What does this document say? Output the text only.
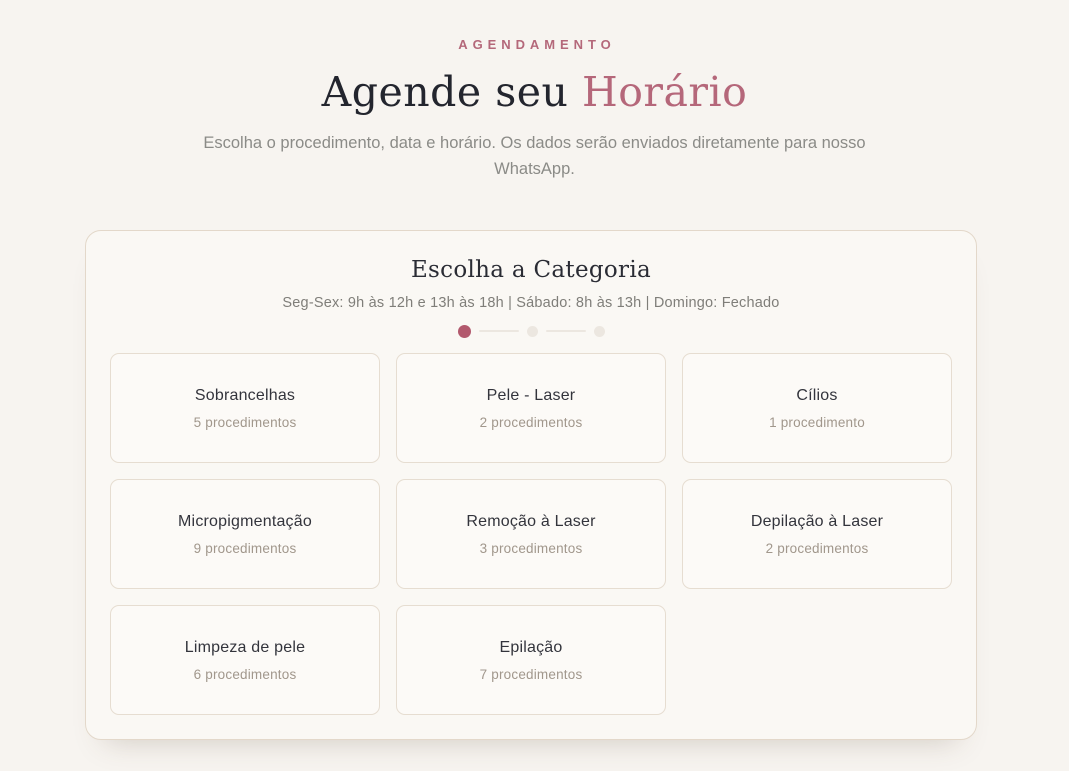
AGENDAMENTO
Agende seu Horário

Escolha o procedimento, data e horário. Os dados serão enviados diretamente para nosso WhatsApp.

Escolha a Categoria
Seg-Sex: 9h às 12h e 13h às 18h | Sábado: 8h às 13h | Domingo: Fechado
Sobrancelhas
5 procedimentos
Pele - Laser
2 procedimentos
Cílios
1 procedimento
Micropigmentação
9 procedimentos
Remoção à Laser
3 procedimentos
Depilação à Laser
2 procedimentos
Limpeza de pele
6 procedimentos
Epilação
7 procedimentos
